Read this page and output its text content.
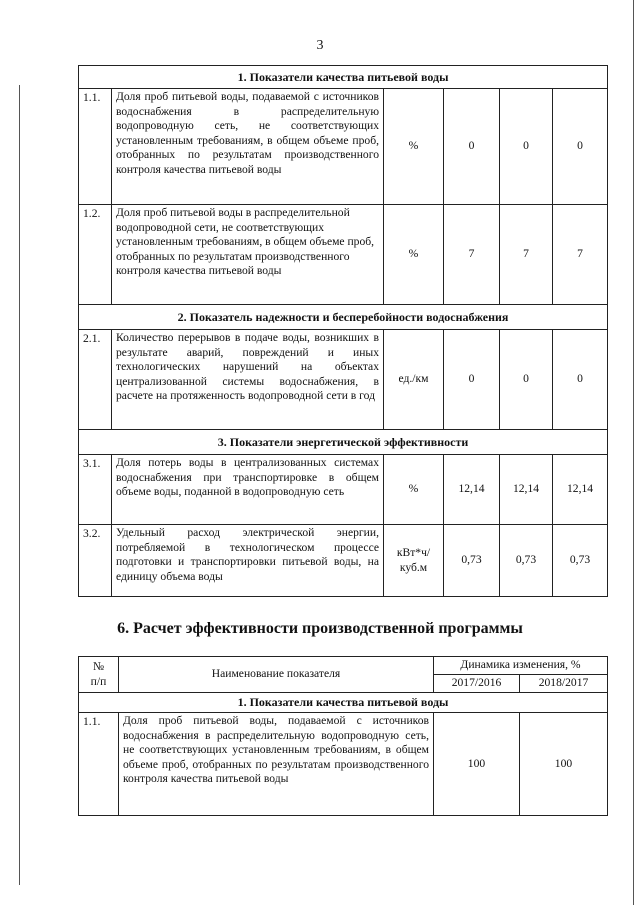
3
1. Показатели качества питьевой воды					
1.1.	Доля проб питьевой воды, подаваемой с источников водоснабжения в распределительную водопроводную сеть, не соответствующих установленным требованиям, в общем объеме проб, отобранных по результатам производственного контроля качества питьевой воды	%	0	0	0
1.2.	Доля проб питьевой воды в распределительной водопроводной сети, не соответствующих установленным требованиям, в общем объеме проб, отобранных по результатам производственного контроля качества питьевой воды	%	7	7	7
2. Показатель надежности и бесперебойности водоснабжения					
2.1.	Количество перерывов в подаче воды, возникших в результате аварий, повреждений и иных технологических нарушений на объектах централизованной системы водоснабжения, в расчете на протяженность водопроводной сети в год	ед./км	0	0	0
3. Показатели энергетической эффективности					
3.1.	Доля потерь воды в централизованных системах водоснабжения при транспортировке в общем объеме воды, поданной в водопроводную сеть	%	12,14	12,14	12,14
3.2.	Удельный расход электрической энергии, потребляемой в технологическом процессе подготовки и транспортировки питьевой воды, на единицу объема воды	кВт*ч/
куб.м	0,73	0,73	0,73
6. Расчет эффективности производственной программы
№
п/п	Наименование показателя	Динамика изменения, %	
		2017/2016	2018/2017
1. Показатели качества питьевой воды			
1.1.	Доля проб питьевой воды, подаваемой с источников водоснабжения в распределительную водопроводную сеть, не соответствующих установленным требованиям, в общем объеме проб, отобранных по результатам производственного контроля качества питьевой воды	100	100
